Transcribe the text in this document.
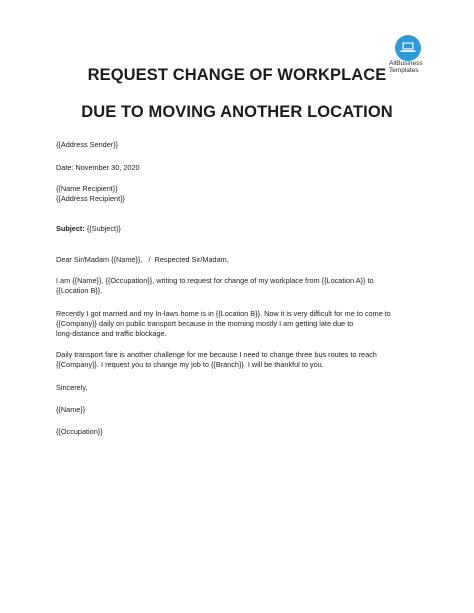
AllBusiness
Templates
REQUEST CHANGE OF WORKPLACE
DUE TO MOVING ANOTHER LOCATION
{{Address Sender}}
Date: November 30, 2020
{{Name Recipient}}
{{Address Recipient}}
Subject: {{Subject}}
Dear Sir/Madam {{Name}},   /  Respected Sir/Madam,
I am {{Name}}, {{Occupation}}, writing to request for change of my workplace from {{Location A}} to
{{Location B}}.
Recently I got married and my In-laws home is in {{Location B}}. Now it is very difficult for me to come to
{{Company}} daily on public transport because in the morning mostly I am getting late due to
long-distance and traffic blockage.
Daily transport fare is another challenge for me because I need to change three bus routes to reach
{{Company}}. I request you to change my job to {{Branch}}. I will be thankful to you.
Sincerely,
{{Name}}
{{Occupation}}
